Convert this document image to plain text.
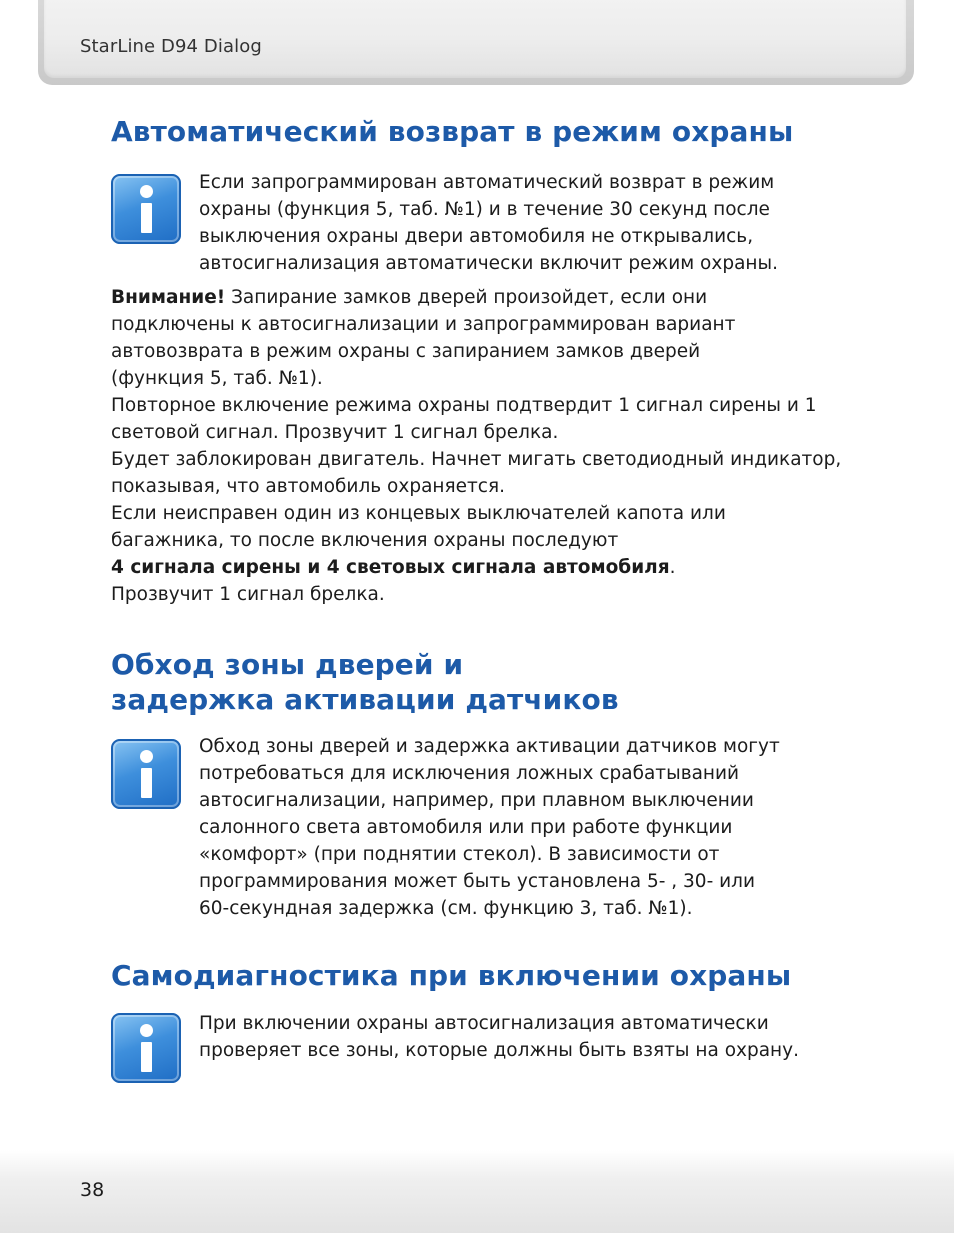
StarLine D94 Dialog
Автоматический возврат в режим охраны
Если запрограммирован автоматический возврат в режим
охраны (функция 5, таб. №1) и в течение 30 секунд после
выключения охраны двери автомобиля не открывались,
автосигнализация автоматически включит режим охраны.
Внимание! Запирание замков дверей произойдет, если они
подключены к автосигнализации и запрограммирован вариант
автовозврата в режим охраны с запиранием замков дверей
(функция 5, таб. №1).
Повторное включение режима охраны подтвердит 1 сигнал сирены и 1
световой сигнал. Прозвучит 1 сигнал брелка.
Будет заблокирован двигатель. Начнет мигать светодиодный индикатор,
показывая, что автомобиль охраняется.
Если неисправен один из концевых выключателей капота или
багажника, то после включения охраны последуют
4 сигнала сирены и 4 световых сигнала автомобиля.
Прозвучит 1 сигнал брелка.
Обход зоны дверей и
задержка активации датчиков
Обход зоны дверей и задержка активации датчиков могут
потребоваться для исключения ложных срабатываний
автосигнализации, например, при плавном выключении
салонного света автомобиля или при работе функции
«комфорт» (при поднятии стекол). В зависимости от
программирования может быть установлена 5- , 30- или
60-секундная задержка (см. функцию 3, таб. №1).
Самодиагностика при включении охраны
При включении охраны автосигнализация автоматически
проверяет все зоны, которые должны быть взяты на охрану.
38
